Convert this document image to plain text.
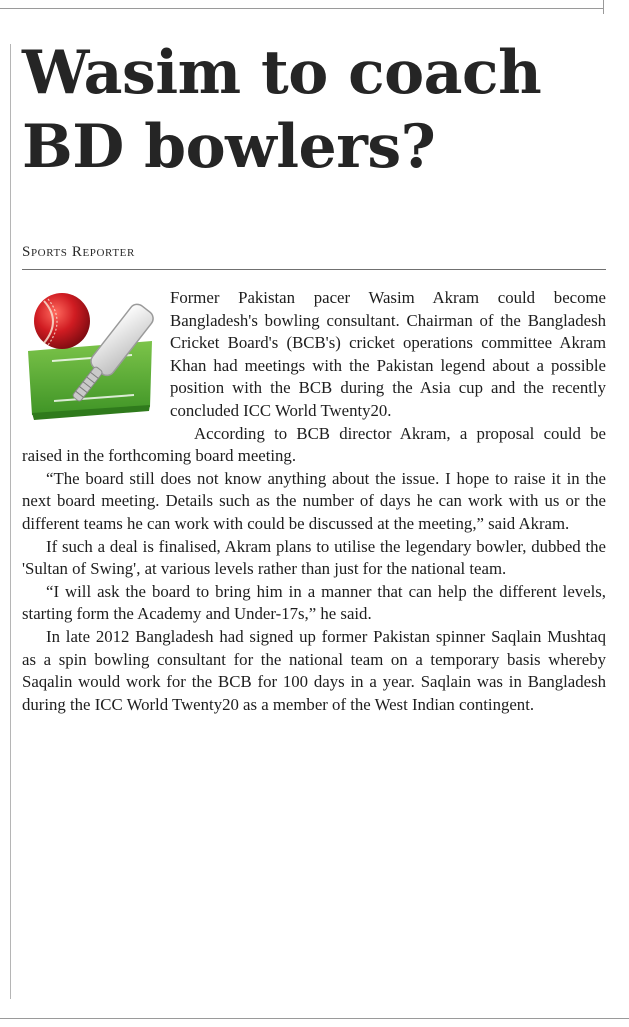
Wasim to coach BD bowlers?
Sports Reporter

Former Pakistan pacer Wasim Akram could become Bangladesh's bowling consultant. Chairman of the Bangladesh Cricket Board's (BCB's) cricket operations committee Akram Khan had meetings with the Pakistan legend about a possible position with the BCB during the Asia cup and the recently concluded ICC World Twenty20.

According to BCB director Akram, a proposal could be raised in the forthcoming board meeting.

“The board still does not know anything about the issue. I hope to raise it in the next board meeting. Details such as the number of days he can work with us or the different teams he can work with could be discussed at the meeting,” said Akram.

If such a deal is finalised, Akram plans to utilise the legendary bowler, dubbed the 'Sultan of Swing', at various levels rather than just for the national team.

“I will ask the board to bring him in a manner that can help the different levels, starting form the Academy and Under-17s,” he said.

In late 2012 Bangladesh had signed up former Pakistan spinner Saqlain Mushtaq as a spin bowling consultant for the national team on a temporary basis whereby Saqalin would work for the BCB for 100 days in a year. Saqlain was in Bangladesh during the ICC World Twenty20 as a member of the West Indian contingent.
